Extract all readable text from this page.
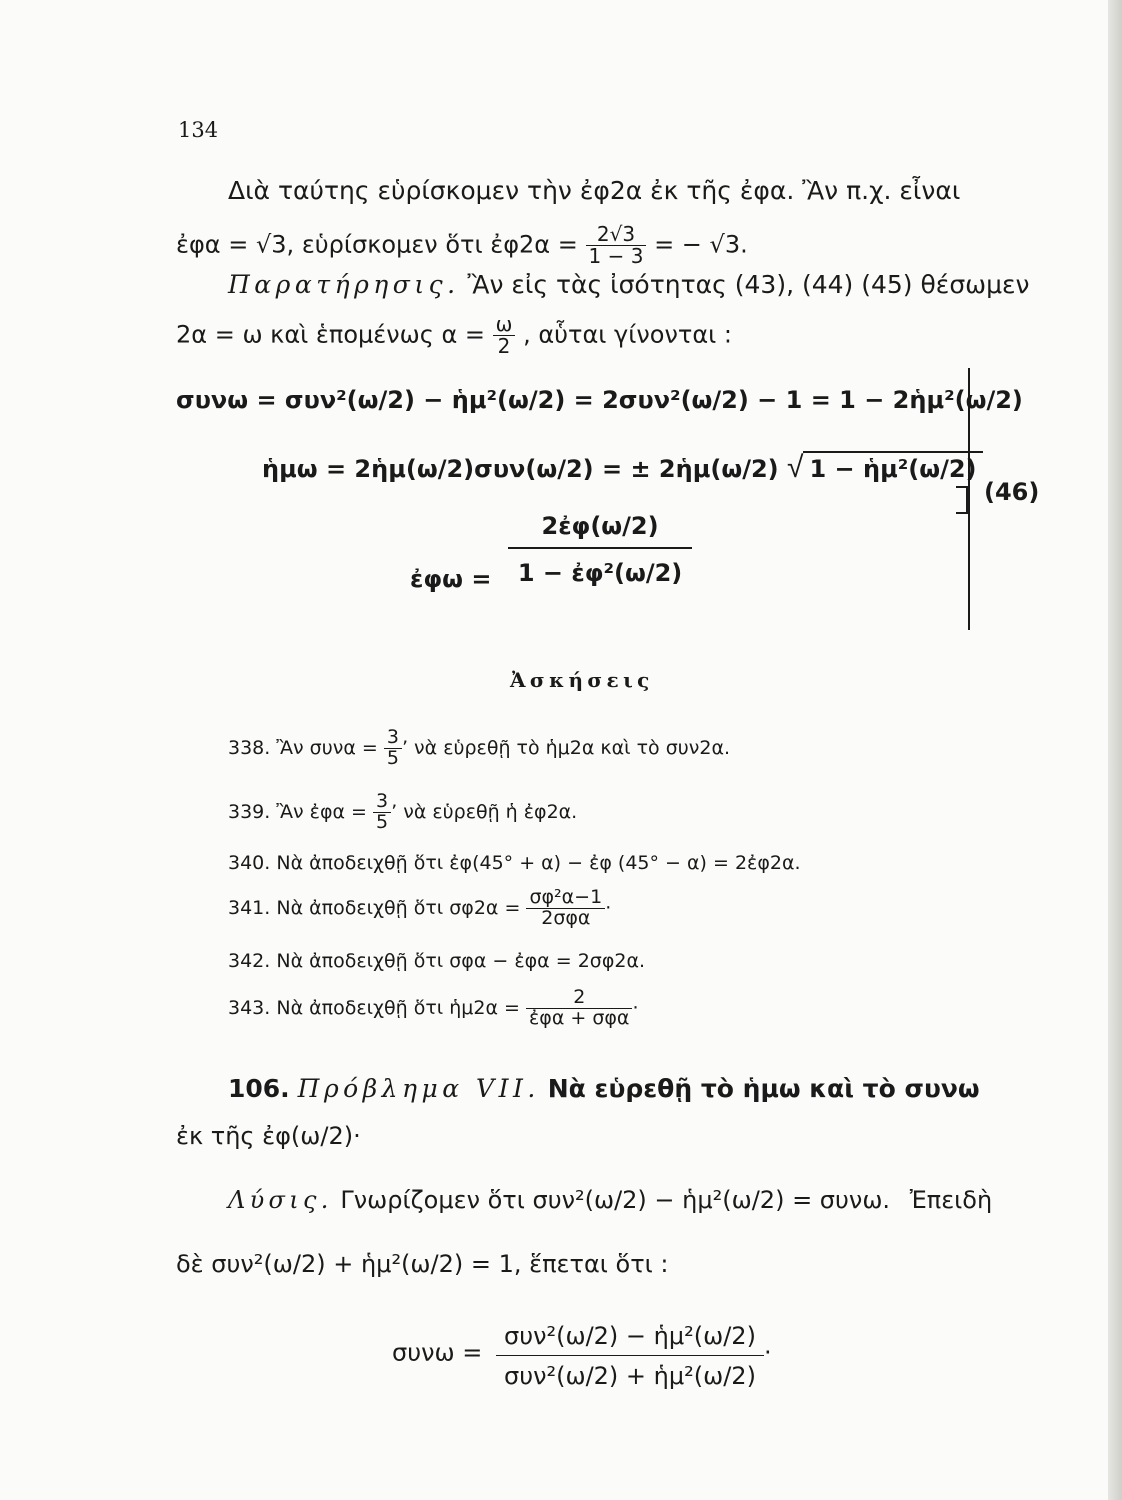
134
Διὰ ταύτης εὑρίσκομεν τὴν ἐφ2α ἐκ τῆς ἐφα. Ἂν π.χ. εἶναι
ἐφα = √3, εὑρίσκομεν ὅτι ἐφ2α = $\frac{2√3}{1 - 3}$ = − √3.
Παρατήρησις. Ἂν εἰς τὰς ἰσότητας (43), (44) (45) θέσωμεν
2α = ω καὶ ἑπομένως $\alpha = \frac{\omega}{2}$ , αὗται γίνονται :
συνω = συν²(ω/2) − ἡμ²(ω/2) = 2συν²(ω/2) − 1 = 1 − 2ἡμ²(ω/2)
ἡμω = 2ἡμ(ω/2)συν(ω/2) = ± 2ἡμ(ω/2) √ 1 − ἡμ²(ω/2)
ἐφω = $\frac{\text{2ἐφ(ω/2)}}{\text{1 − ἐφ²(ω/2)}}$
(46)
Ἀσκήσεις
338. Ἂν $\sigma\upsilon\nu\alpha = \frac{3}{5}$ ’ νὰ εὑρεθῇ τὸ ἡμ2α καὶ τὸ συν2α.
339. Ἂν ἐφα = $\frac{3}{5}$ ’ νὰ εὑρεθῇ ἡ ἐφ2α.
340. Νὰ ἀποδειχθῇ ὅτι ἐφ(45° + α) − ἐφ (45° − α) = 2ἐφ2α.
341. Νὰ ἀποδειχθῇ ὅτι $\sigma\varphi 2\alpha = \frac{\text{σφ²α−1}}{\text{2σφα}}$ ·
342. Νὰ ἀποδειχθῇ ὅτι σφα − ἐφα = 2σφ2α.
343. Νὰ ἀποδειχθῇ ὅτι ἡμ2α = $\frac{2}{\text{ἐφα + σφα}}$ ·
106. Πρόβλημα VII. Νὰ εὑρεθῇ τὸ ἡμω καὶ τὸ συνω
ἐκ τῆς ἐφ(ω/2)·
Λύσις. Γνωρίζομεν ὅτι συν²(ω/2) − ἡμ²(ω/2) = συνω. Ἐπειδὴ
δὲ συν²(ω/2) + ἡμ²(ω/2) = 1, ἕπεται ὅτι :
$\sigma\upsilon\nu\omega = \frac{\text{συν²(ω/2) − ἡμ²(ω/2)}}{\text{συν²(ω/2) + ἡμ²(ω/2)}}$ ·
